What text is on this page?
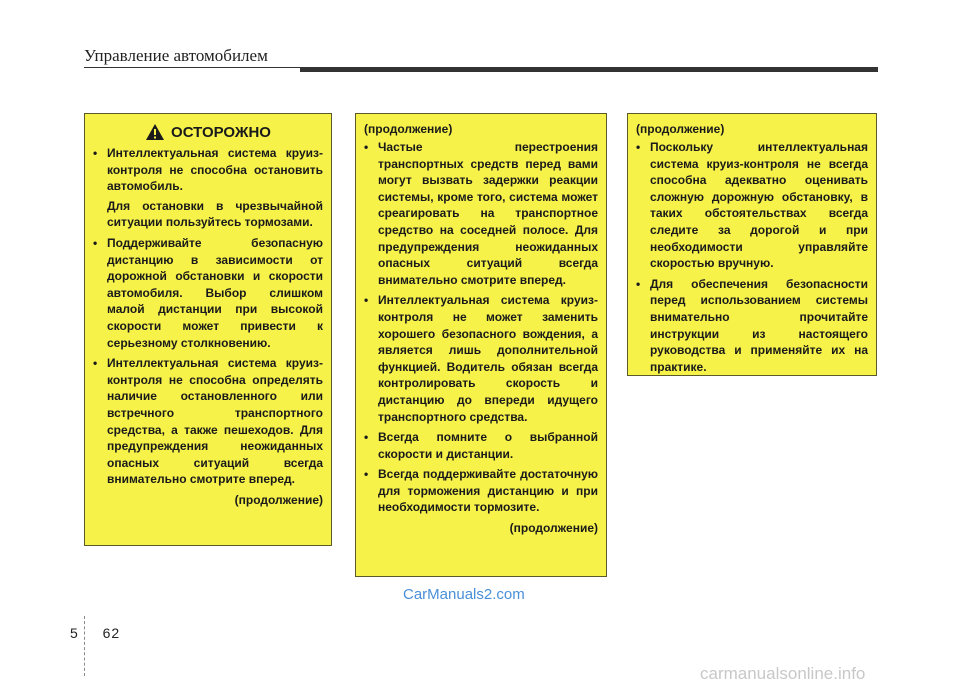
Управление автомобилем
ОСТОРОЖНО
• Интеллектуальная система круиз-контроля не способна остановить автомобиль.

Для остановки в чрезвычайной ситуации пользуйтесь тормозами.

• Поддерживайте безопасную дистанцию в зависимости от дорожной обстановки и скорости автомобиля. Выбор слишком малой дистанции при высокой скорости может привести к серьезному столкновению.

• Интеллектуальная система круиз-контроля не способна определять наличие остановленного или встречного транспортного средства, а также пешеходов. Для предупреждения неожиданных опасных ситуаций всегда внимательно смотрите вперед.

(продолжение)
(продолжение)
• Частые перестроения транспортных средств перед вами могут вызвать задержки реакции системы, кроме того, система может среагировать на транспортное средство на соседней полосе. Для предупреждения неожиданных опасных ситуаций всегда внимательно смотрите вперед.

• Интеллектуальная система круиз-контроля не может заменить хорошего безопасного вождения, а является лишь дополнительной функцией. Водитель обязан всегда контролировать скорость и дистанцию до впереди идущего транспортного средства.

• Всегда помните о выбранной скорости и дистанции.

• Всегда поддерживайте достаточную для торможения дистанцию и при необходимости тормозите.

(продолжение)
(продолжение)
• Поскольку интеллектуальная система круиз-контроля не всегда способна адекватно оценивать сложную дорожную обстановку, в таких обстоятельствах всегда следите за дорогой и при необходимости управляйте скоростью вручную.

• Для обеспечения безопасности перед использованием системы внимательно прочитайте инструкции из настоящего руководства и применяйте их на практике.

CarManuals2.com
5 62
carmanualsonline.info
